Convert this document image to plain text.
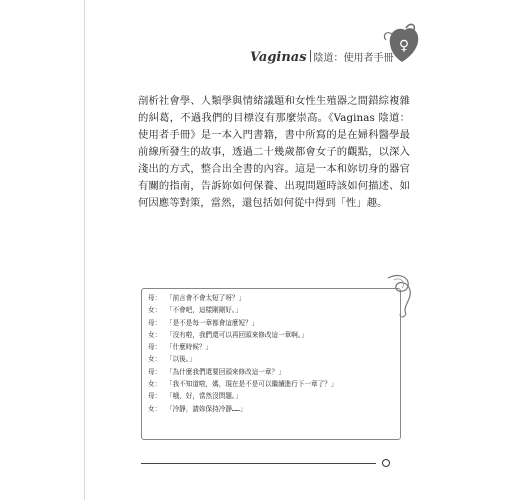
Vaginas 陰道：使用者手冊
♀

剖析社會學、人類學與情緒議題和女性生殖器之間錯綜複雜的糾葛，不過我們的目標沒有那麼崇高。《Vaginas 陰道：使用者手冊》是一本入門書籍，書中所寫的是在婦科醫學最前線所發生的故事，透過二十幾歲都會女子的觀點，以深入淺出的方式，整合出全書的內容。這是一本和妳切身的器官有關的指南，告訴妳如何保養、出現問題時該如何描述、如何因應等對策，當然，還包括如何從中得到「性」趣。

母： 「前言會不會太短了呀？」
女： 「不會吧，這樣剛剛好。」
母： 「是不是每一章都會這麼短？」
女： 「沒有啦，我們還可以再回頭來修改這一章啊。」
母： 「什麼時候？」
女： 「以後。」
母： 「為什麼我們還要回頭來修改這一章？」
女： 「我不知道啦，媽，現在是不是可以繼續進行下一章了？」
母： 「哦，好，當然沒問題。」
女： 「冷靜，請妳保持冷靜……」
